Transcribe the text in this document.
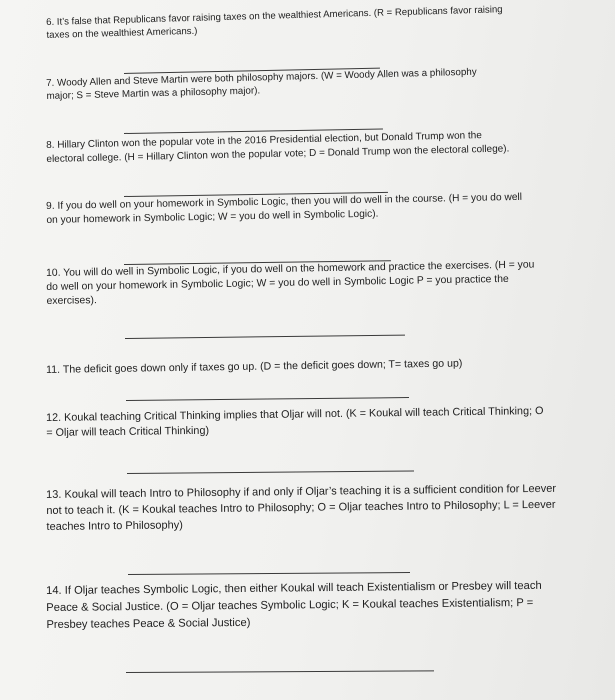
6. It’s false that Republicans favor raising taxes on the wealthiest Americans. (R = Republicans favor raising taxes on the wealthiest Americans.)
7. Woody Allen and Steve Martin were both philosophy majors. (W = Woody Allen was a philosophy major; S = Steve Martin was a philosophy major).
8. Hillary Clinton won the popular vote in the 2016 Presidential election, but Donald Trump won the electoral college. (H = Hillary Clinton won the popular vote; D = Donald Trump won the electoral college).
9. If you do well on your homework in Symbolic Logic, then you will do well in the course. (H = you do well on your homework in Symbolic Logic; W = you do well in Symbolic Logic).
10. You will do well in Symbolic Logic, if you do well on the homework and practice the exercises. (H = you do well on your homework in Symbolic Logic; W = you do well in Symbolic Logic P = you practice the exercises).
11. The deficit goes down only if taxes go up. (D = the deficit goes down; T= taxes go up)
12. Koukal teaching Critical Thinking implies that Oljar will not. (K = Koukal will teach Critical Thinking; O = Oljar will teach Critical Thinking)
13. Koukal will teach Intro to Philosophy if and only if Oljar’s teaching it is a sufficient condition for Leever not to teach it. (K = Koukal teaches Intro to Philosophy; O = Oljar teaches Intro to Philosophy; L = Leever teaches Intro to Philosophy)
14. If Oljar teaches Symbolic Logic, then either Koukal will teach Existentialism or Presbey will teach Peace & Social Justice. (O = Oljar teaches Symbolic Logic; K = Koukal teaches Existentialism; P = Presbey teaches Peace & Social Justice)
